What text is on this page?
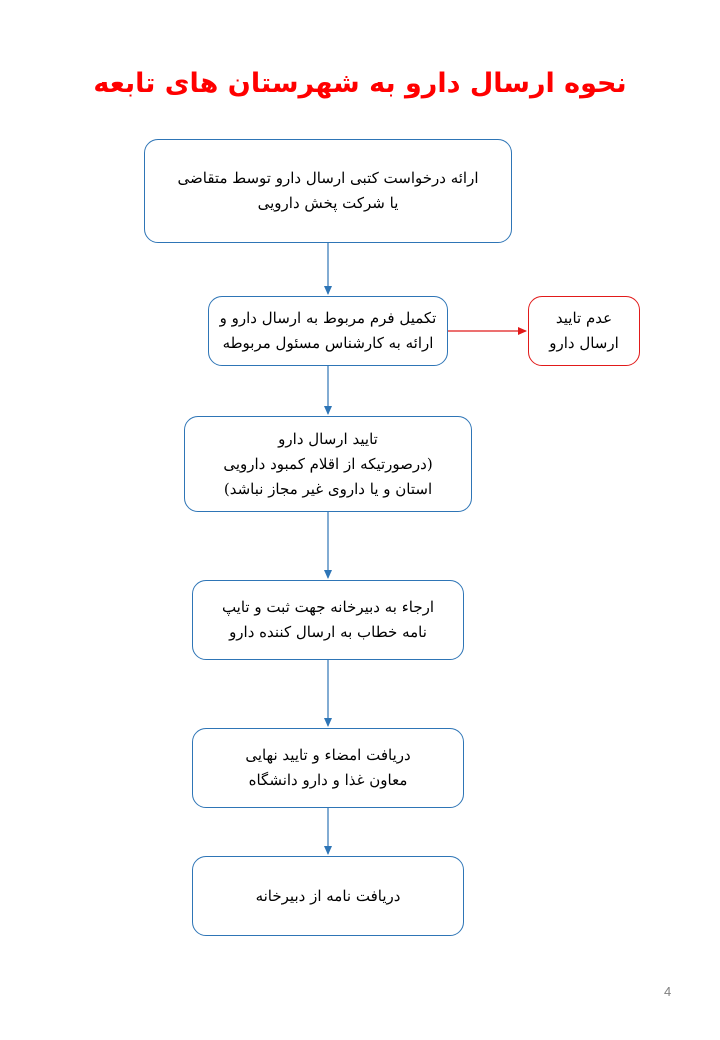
نحوه ارسال دارو به شهرستان های تابعه
ارائه درخواست کتبی ارسال دارو توسط متقاضی
یا شرکت پخش دارویی
تکمیل فرم مربوط به ارسال دارو و
ارائه به کارشناس مسئول مربوطه
عدم تایید
ارسال دارو
تایید ارسال دارو
(درصورتیکه از اقلام کمبود دارویی
استان و یا داروی غیر مجاز نباشد)
ارجاء به دبیرخانه جهت ثبت و تایپ
نامه خطاب به ارسال کننده دارو
دریافت امضاء و تایید نهایی
معاون غذا و دارو دانشگاه
دریافت نامه از دبیرخانه
4
